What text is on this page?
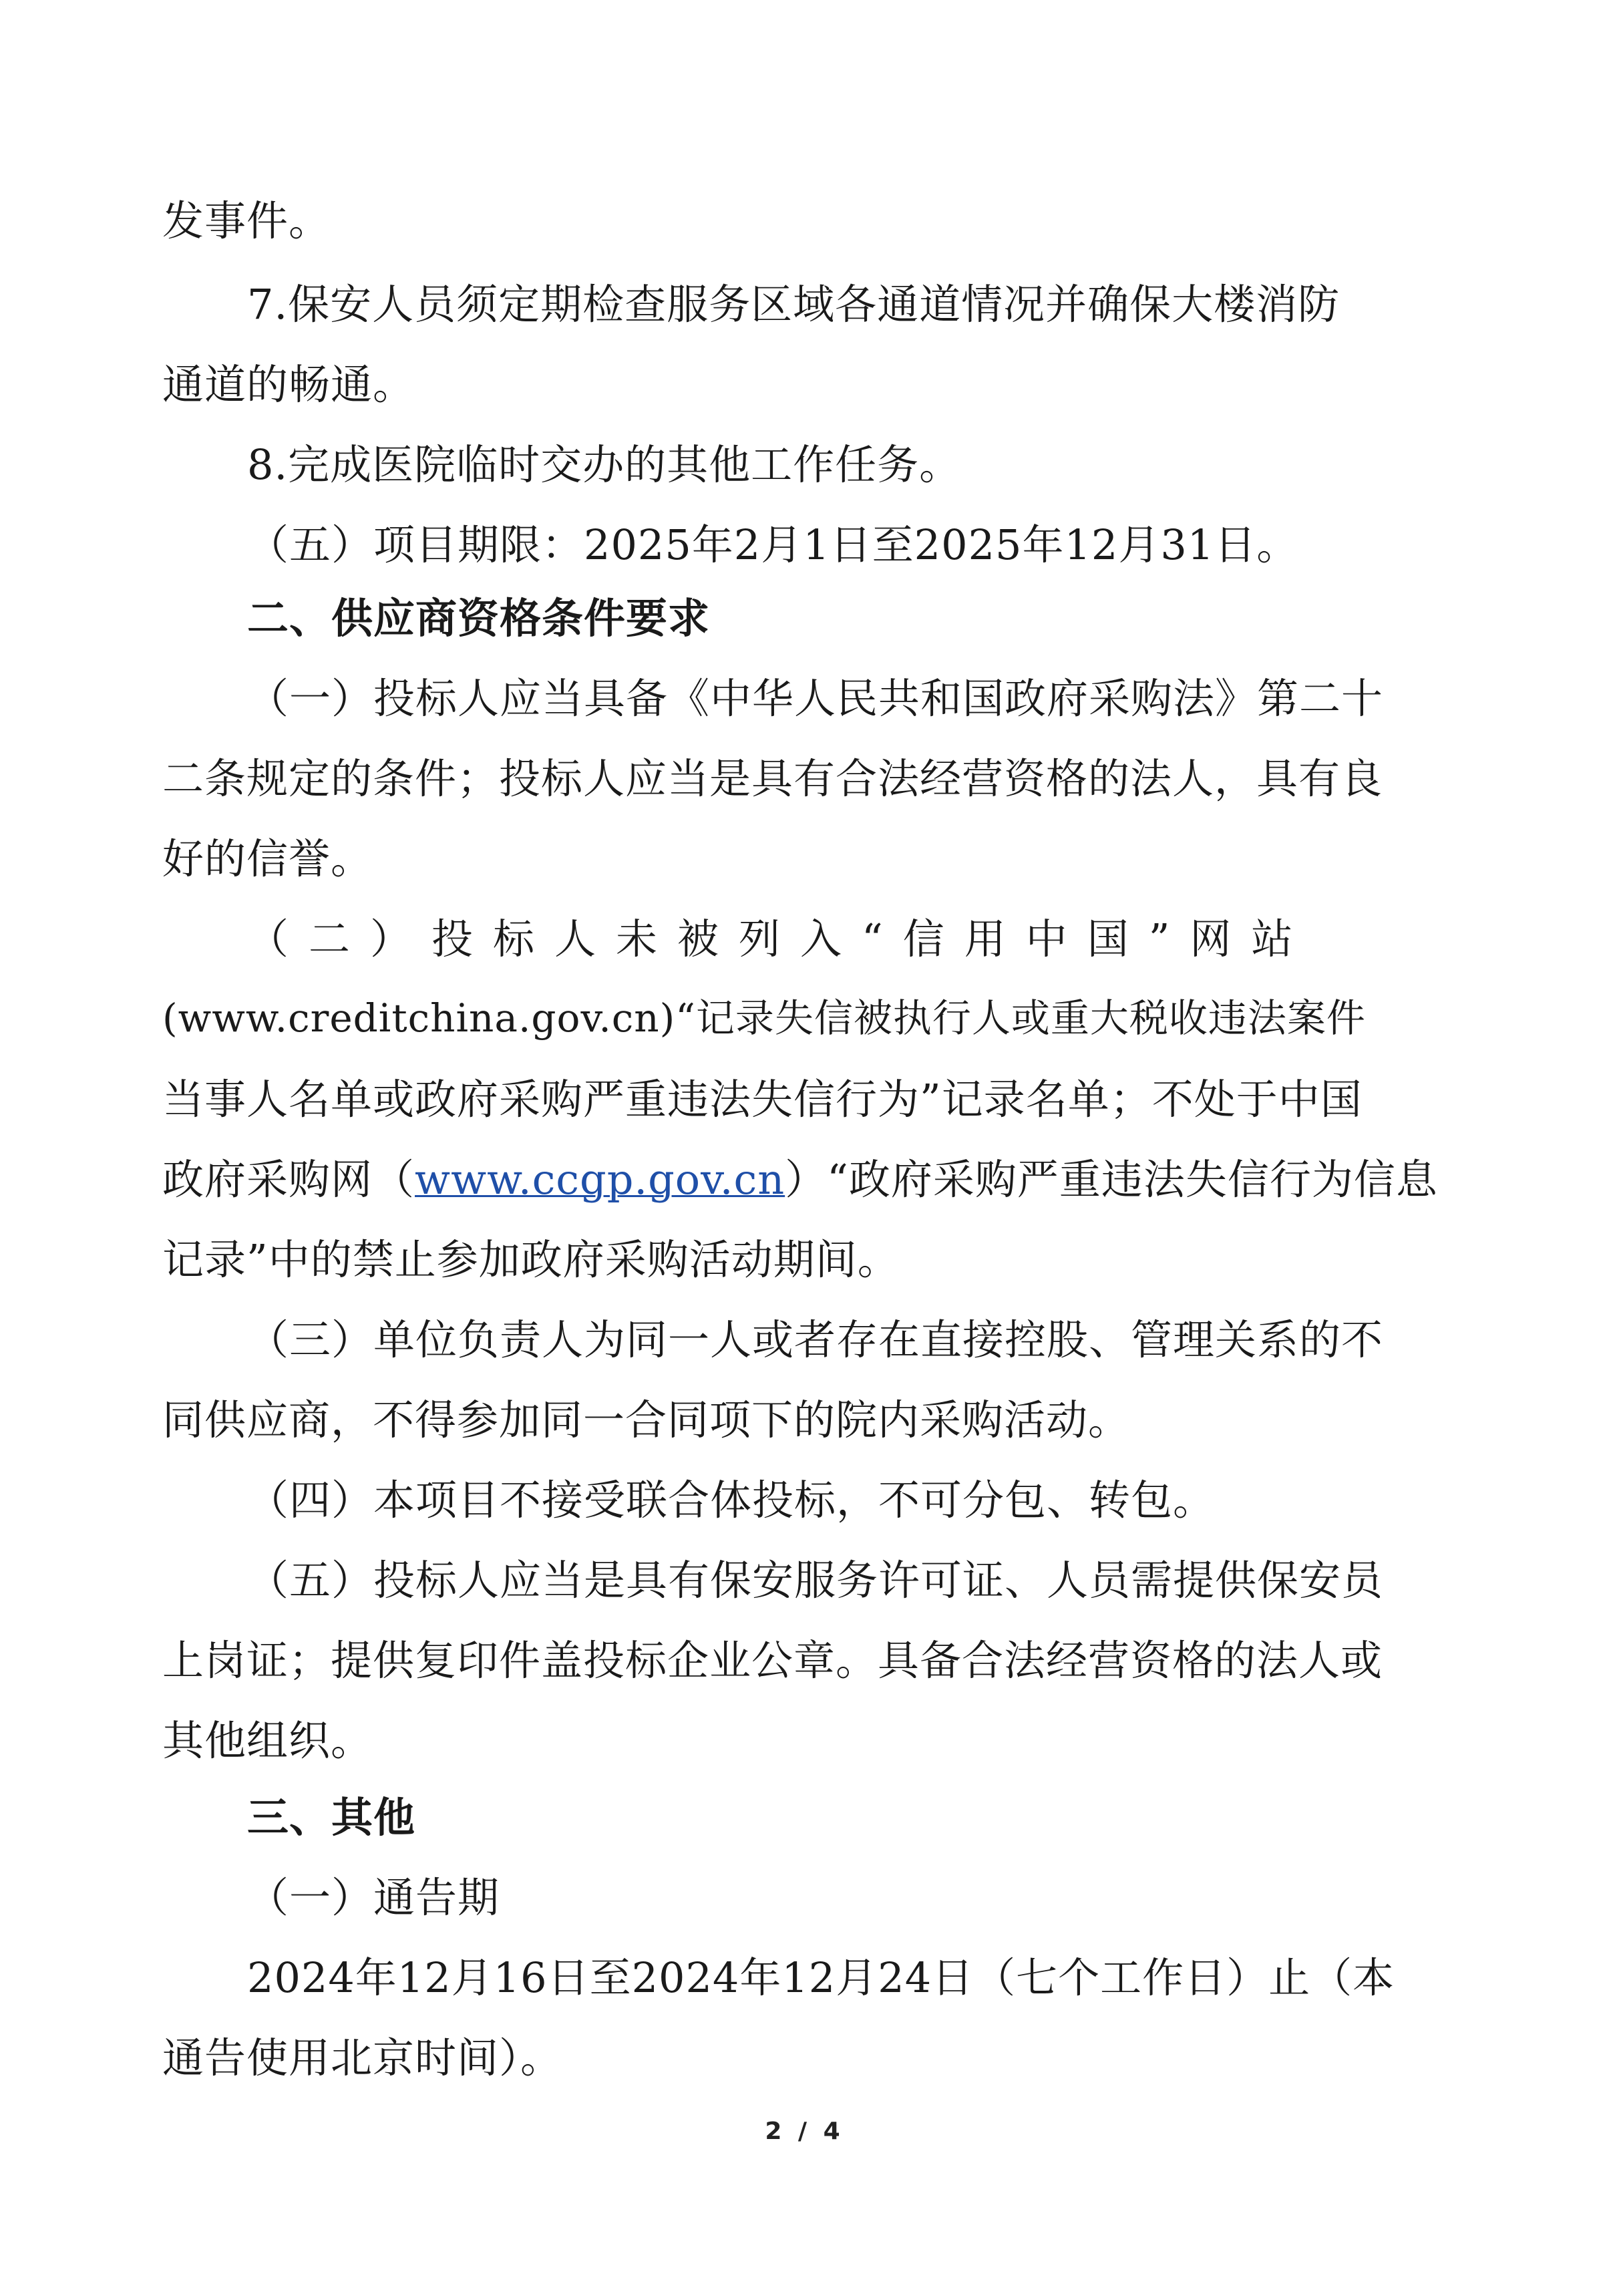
发事件。
7.保安人员须定期检查服务区域各通道情况并确保大楼消防
通道的畅通。
8.完成医院临时交办的其他工作任务。
（五）项目期限：2025年2月1日至2025年12月31日。
二、供应商资格条件要求
（一）投标人应当具备《中华人民共和国政府采购法》第二十
二条规定的条件；投标人应当是具有合法经营资格的法人，具有良
好的信誉。
（二）投标人未被列入“信用中国”网站
(www.creditchina.gov.cn)“记录失信被执行人或重大税收违法案件
当事人名单或政府采购严重违法失信行为”记录名单；不处于中国
政府采购网（www.ccgp.gov.cn）“政府采购严重违法失信行为信息
记录”中的禁止参加政府采购活动期间。
（三）单位负责人为同一人或者存在直接控股、管理关系的不
同供应商，不得参加同一合同项下的院内采购活动。
（四）本项目不接受联合体投标，不可分包、转包。
（五）投标人应当是具有保安服务许可证、人员需提供保安员
上岗证；提供复印件盖投标企业公章。具备合法经营资格的法人或
其他组织。
三、其他
（一）通告期
2024年12月16日至2024年12月24日（七个工作日）止（本
通告使用北京时间）。
2 / 4
